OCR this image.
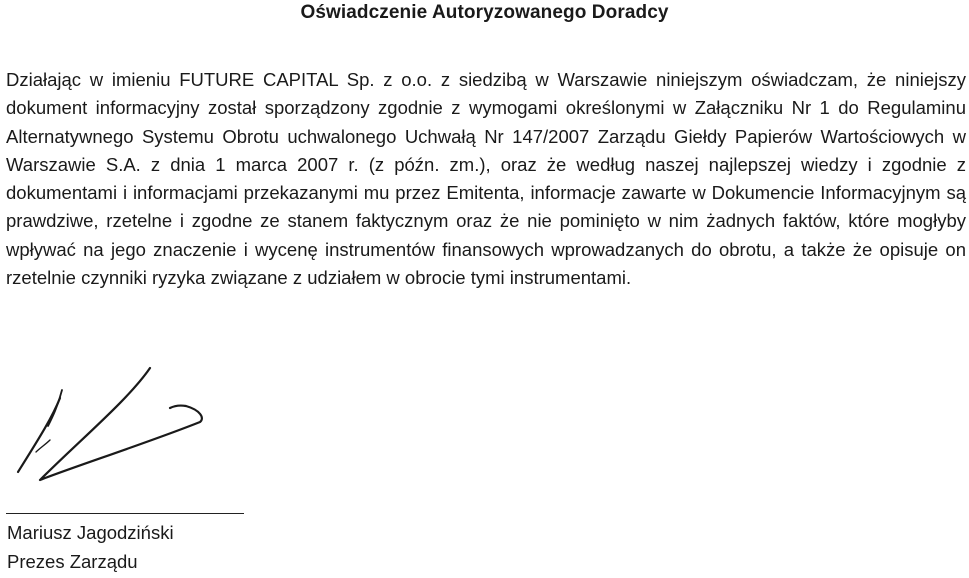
Oświadczenie Autoryzowanego Doradcy

Działając w imieniu FUTURE CAPITAL Sp. z o.o. z siedzibą w Warszawie niniejszym oświadczam, że niniejszy dokument informacyjny został sporządzony zgodnie z wymogami określonymi w Załączniku Nr 1 do Regulaminu Alternatywnego Systemu Obrotu uchwalonego Uchwałą Nr 147/2007 Zarządu Giełdy Papierów Wartościowych w Warszawie S.A. z dnia 1 marca 2007 r. (z późn. zm.), oraz że według naszej najlepszej wiedzy i zgodnie z dokumentami i informacjami przekazanymi mu przez Emitenta, informacje zawarte w Dokumencie Informacyjnym są prawdziwe, rzetelne i zgodne ze stanem faktycznym oraz że nie pominięto w nim żadnych faktów, które mogłyby wpływać na jego znaczenie i wycenę instrumentów finansowych wprowadzanych do obrotu, a także że opisuje on rzetelnie czynniki ryzyka związane z udziałem w obrocie tymi instrumentami.

Mariusz Jagodziński
Prezes Zarządu
